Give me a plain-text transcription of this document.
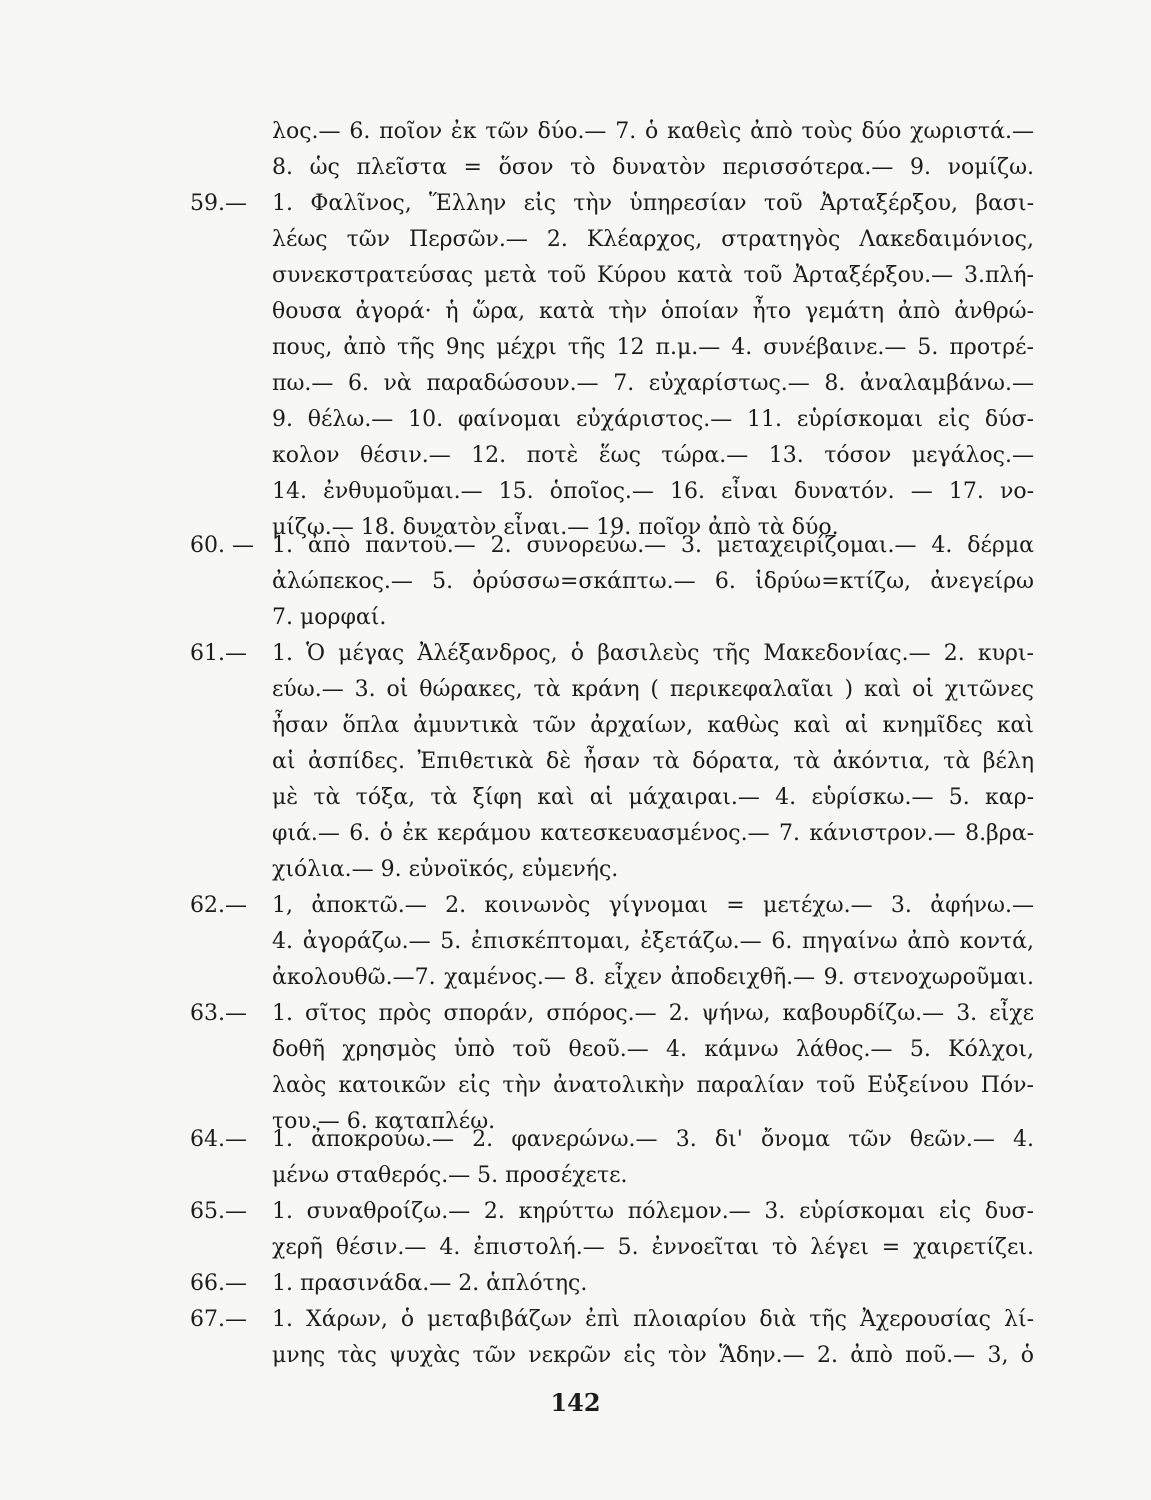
λος.— 6. ποῖον ἐκ τῶν δύο.— 7. ὁ καθεὶς ἀπὸ τοὺς δύο χωριστά.—
8. ὡς πλεῖστα = ὅσον τὸ δυνατὸν περισσότερα.— 9. νομίζω.
59.— 1. Φαλῖνος, Ἕλλην εἰς τὴν ὑπηρεσίαν τοῦ Ἀρταξέρξου, βασι-
λέως τῶν Περσῶν.— 2. Κλέαρχος, στρατηγὸς Λακεδαιμόνιος,
συνεκστρατεύσας μετὰ τοῦ Κύρου κατὰ τοῦ Ἀρταξέρξου.— 3.πλή-
θουσα ἀγορά· ἡ ὥρα, κατὰ τὴν ὁποίαν ἦτο γεμάτη ἀπὸ ἀνθρώ-
πους, ἀπὸ τῆς 9ης μέχρι τῆς 12 π.μ.— 4. συνέβαινε.— 5. προτρέ-
πω.— 6. νὰ παραδώσουν.— 7. εὐχαρίστως.— 8. ἀναλαμβάνω.—
9. θέλω.— 10. φαίνομαι εὐχάριστος.— 11. εὑρίσκομαι εἰς δύσ-
κολον θέσιν.— 12. ποτὲ ἕως τώρα.— 13. τόσον μεγάλος.—
14. ἐνθυμοῦμαι.— 15. ὁποῖος.— 16. εἶναι δυνατόν. — 17. νο-
μίζω.— 18. δυνατὸν εἶναι.— 19. ποῖον ἀπὸ τὰ δύο.
60. — 1. ἀπὸ παντοῦ.— 2. συνορεύω.— 3. μεταχειρίζομαι.— 4. δέρμα
ἀλώπεκος.— 5. ὀρύσσω=σκάπτω.— 6. ἱδρύω=κτίζω, ἀνεγείρω
7. μορφαί.
61.— 1. Ὁ μέγας Ἀλέξανδρος, ὁ βασιλεὺς τῆς Μακεδονίας.— 2. κυρι-
εύω.— 3. οἱ θώρακες, τὰ κράνη ( περικεφαλαῖαι ) καὶ οἱ χιτῶνες
ἦσαν ὅπλα ἀμυντικὰ τῶν ἀρχαίων, καθὼς καὶ αἱ κνημῖδες καὶ
αἱ ἀσπίδες. Ἐπιθετικὰ δὲ ἦσαν τὰ δόρατα, τὰ ἀκόντια, τὰ βέλη
μὲ τὰ τόξα, τὰ ξίφη καὶ αἱ μάχαιραι.— 4. εὑρίσκω.— 5. καρ-
φιά.— 6. ὁ ἐκ κεράμου κατεσκευασμένος.— 7. κάνιστρον.— 8.βρα-
χιόλια.— 9. εὐνοϊκός, εὐμενής.
62.— 1, ἀποκτῶ.— 2. κοινωνὸς γίγνομαι = μετέχω.— 3. ἀφήνω.—
4. ἀγοράζω.— 5. ἐπισκέπτομαι, ἐξετάζω.— 6. πηγαίνω ἀπὸ κοντά,
ἀκολουθῶ.—7. χαμένος.— 8. εἶχεν ἀποδειχθῆ.— 9. στενοχωροῦμαι.
63.— 1. σῖτος πρὸς σποράν, σπόρος.— 2. ψήνω, καβουρδίζω.— 3. εἶχε
δοθῆ χρησμὸς ὑπὸ τοῦ θεοῦ.— 4. κάμνω λάθος.— 5. Κόλχοι,
λαὸς κατοικῶν εἰς τὴν ἀνατολικὴν παραλίαν τοῦ Εὐξείνου Πόν-
του.— 6. καταπλέω.
64.— 1. ἀποκρούω.— 2. φανερώνω.— 3. δι' ὄνομα τῶν θεῶν.— 4.
μένω σταθερός.— 5. προσέχετε.
65.— 1. συναθροίζω.— 2. κηρύττω πόλεμον.— 3. εὑρίσκομαι εἰς δυσ-
χερῆ θέσιν.— 4. ἐπιστολή.— 5. ἐννοεῖται τὸ λέγει = χαιρετίζει.
66.— 1. πρασινάδα.— 2. ἁπλότης.
67.— 1. Χάρων, ὁ μεταβιβάζων ἐπὶ πλοιαρίου διὰ τῆς Ἀχερουσίας λί-
μνης τὰς ψυχὰς τῶν νεκρῶν εἰς τὸν Ἅδην.— 2. ἀπὸ ποῦ.— 3, ὁ
142
